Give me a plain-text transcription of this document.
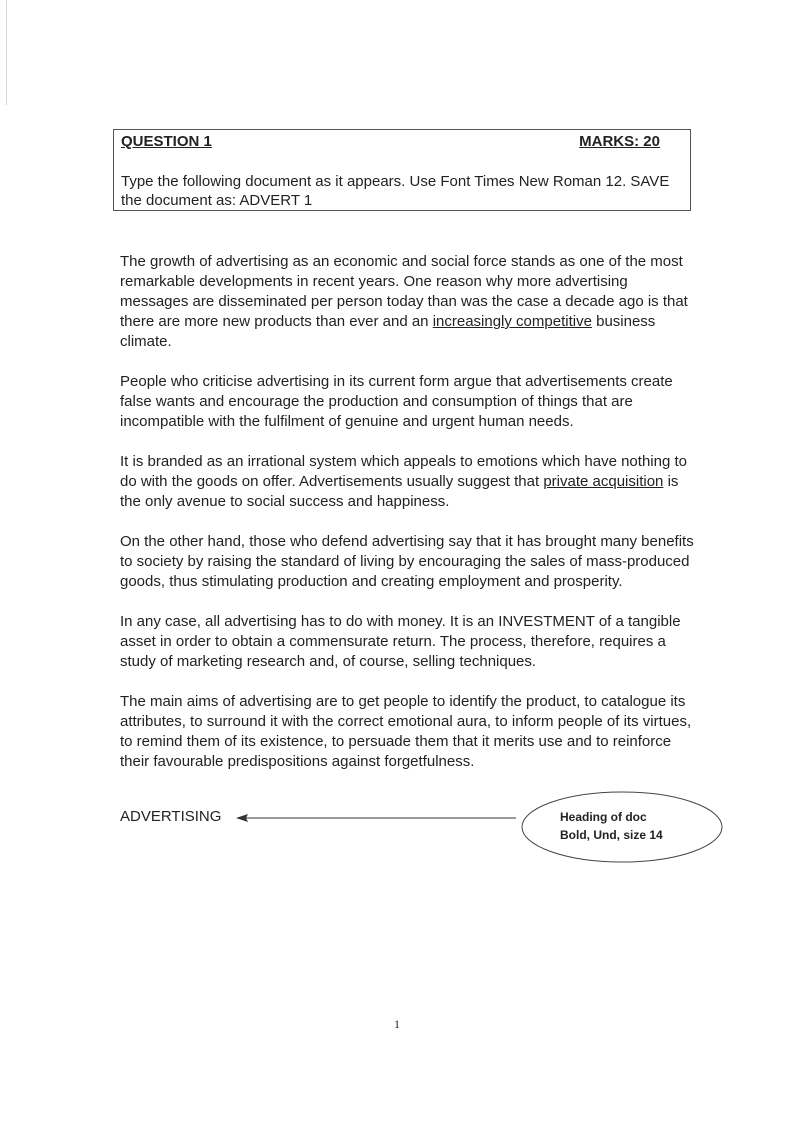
QUESTION 1	MARKS: 20
Type the following document as it appears. Use Font Times New Roman 12. SAVE
the document as: ADVERT 1

The growth of advertising as an economic and social force stands as one of the most remarkable developments in recent years. One reason why more advertising messages are disseminated per person today than was the case a decade ago is that there are more new products than ever and an increasingly competitive business climate.

People who criticise advertising in its current form argue that advertisements create false wants and encourage the production and consumption of things that are incompatible with the fulfilment of genuine and urgent human needs.

It is branded as an irrational system which appeals to emotions which have nothing to do with the goods on offer. Advertisements usually suggest that private acquisition is the only avenue to social success and happiness.

On the other hand, those who defend advertising say that it has brought many benefits to society by raising the standard of living by encouraging the sales of mass-produced goods, thus stimulating production and creating employment and prosperity.

In any case, all advertising has to do with money. It is an INVESTMENT of a tangible asset in order to obtain a commensurate return. The process, therefore, requires a study of marketing research and, of course, selling techniques.

The main aims of advertising are to get people to identify the product, to catalogue its attributes, to surround it with the correct emotional aura, to inform people of its virtues, to remind them of its existence, to persuade them that it merits use and to reinforce their favourable predispositions against forgetfulness.

ADVERTISING	Heading of doc
Bold, Und, size 14
1
